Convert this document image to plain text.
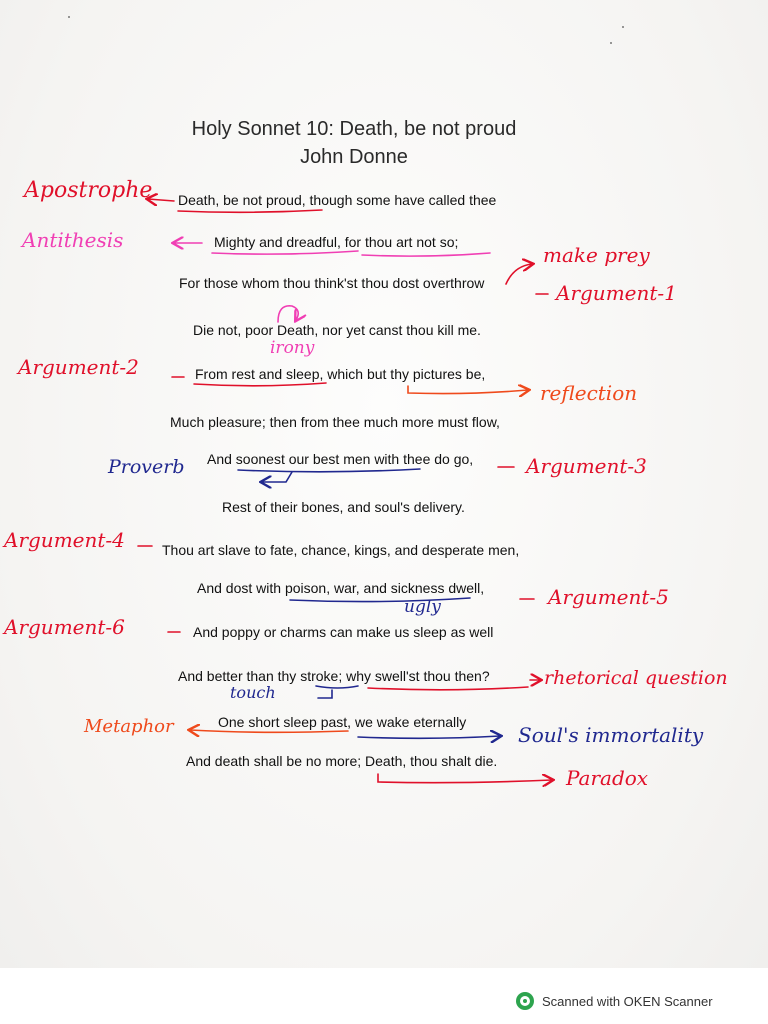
Holy Sonnet 10: Death, be not proud
John Donne
Death, be not proud, though some have called thee
Mighty and dreadful, for thou art not so;
For those whom thou think'st thou dost overthrow
Die not, poor Death, nor yet canst thou kill me.
From rest and sleep, which but thy pictures be,
Much pleasure; then from thee much more must flow,
And soonest our best men with thee do go,
Rest of their bones, and soul's delivery.
Thou art slave to fate, chance, kings, and desperate men,
And dost with poison, war, and sickness dwell,
And poppy or charms can make us sleep as well
And better than thy stroke; why swell'st thou then?
One short sleep past, we wake eternally
And death shall be no more; Death, thou shalt die.
Apostrophe
Antithesis
make prey
Argument-1
irony
Argument-2
reflection
Proverb	Argument-3
Argument-4
Argument-5
ugly
Argument-6
rhetorical question
touch
Metaphor	Soul's immortality
Paradox
Scanned with OKEN Scanner
